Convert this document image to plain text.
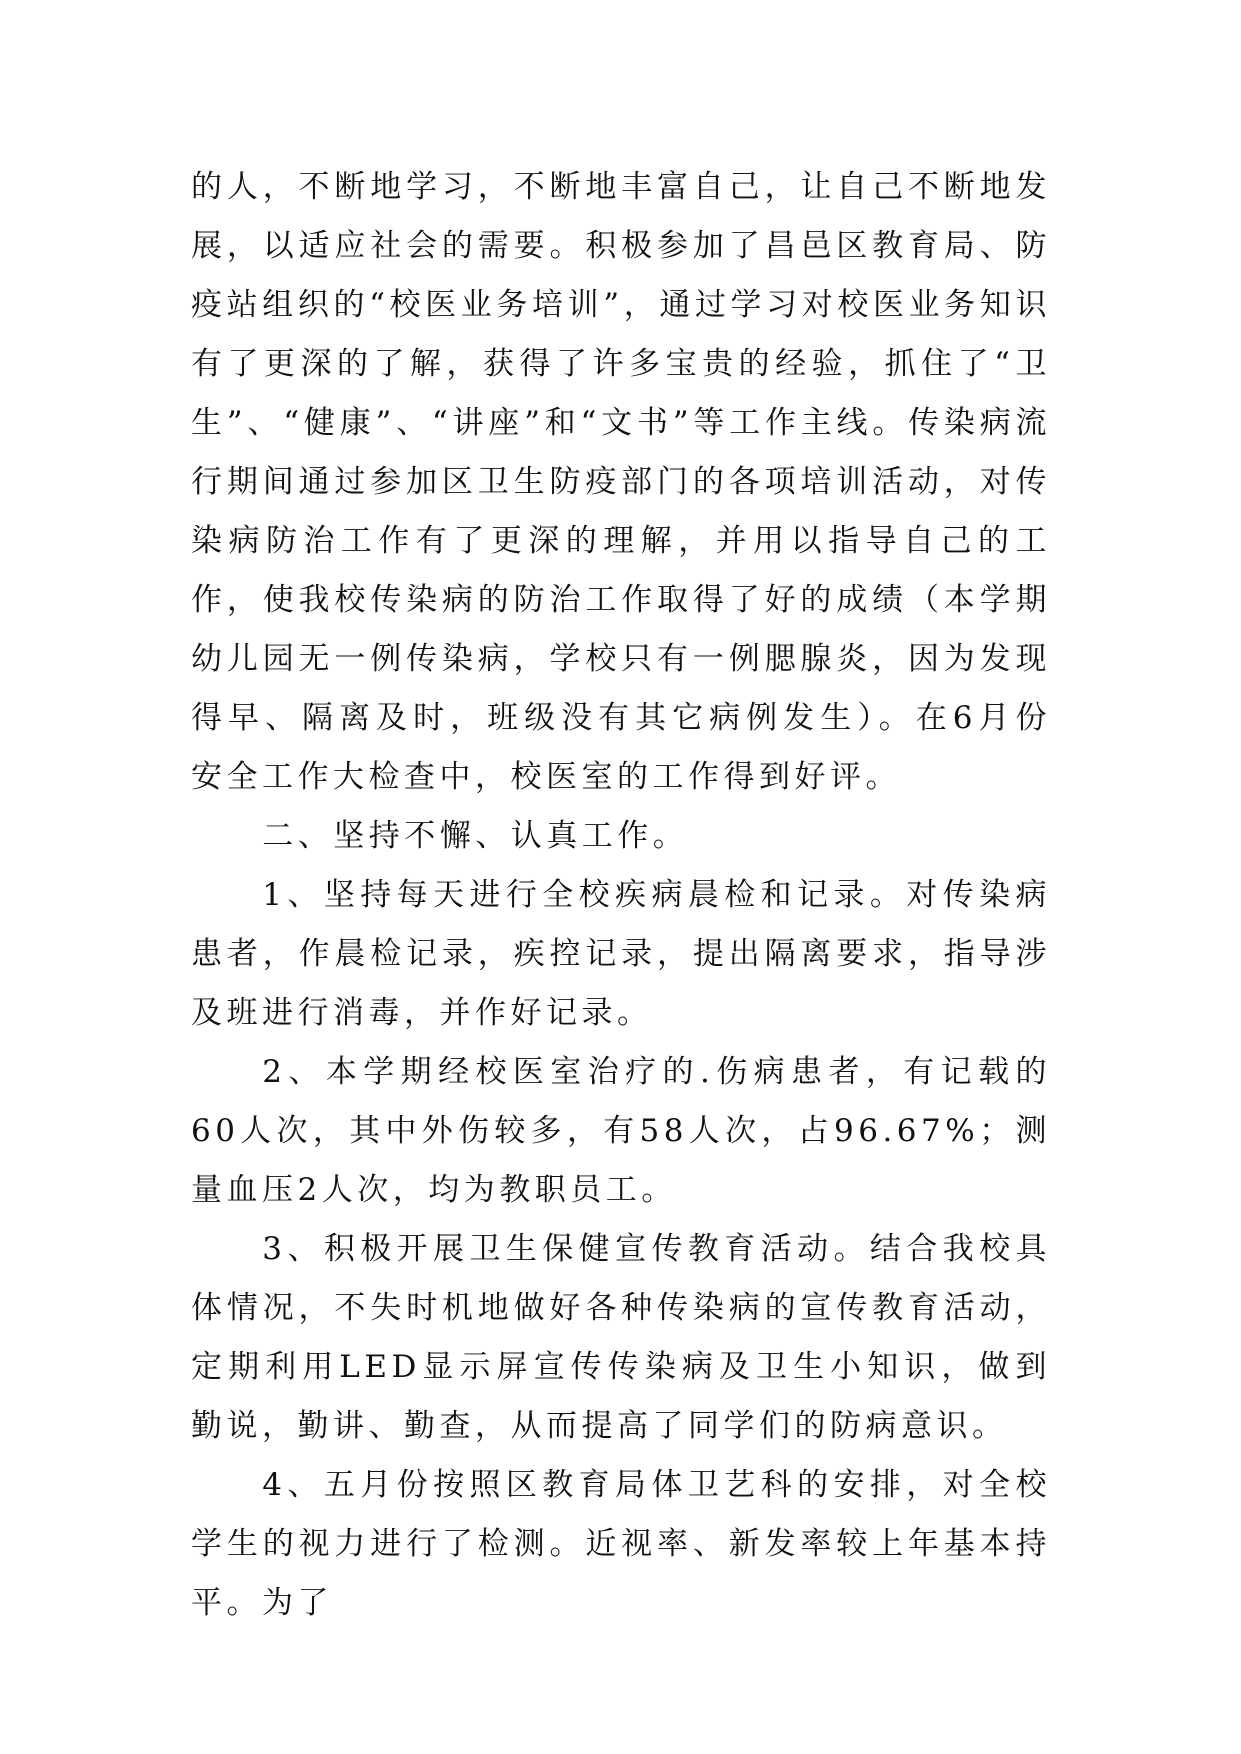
的人，不断地学习，不断地丰富自己，让自己不断地发展，以适应社会的需要。积极参加了昌邑区教育局、防疫站组织的“校医业务培训”，通过学习对校医业务知识有了更深的了解，获得了许多宝贵的经验，抓住了“卫生”、“健康”、“讲座”和“文书”等工作主线。传染病流行期间通过参加区卫生防疫部门的各项培训活动，对传染病防治工作有了更深的理解，并用以指导自己的工作，使我校传染病的防治工作取得了好的成绩（本学期幼儿园无一例传染病，学校只有一例腮腺炎，因为发现得早、隔离及时，班级没有其它病例发生）。在6月份安全工作大检查中，校医室的工作得到好评。

二、坚持不懈、认真工作。

1、坚持每天进行全校疾病晨检和记录。对传染病患者，作晨检记录，疾控记录，提出隔离要求，指导涉及班进行消毒，并作好记录。

2、本学期经校医室治疗的.伤病患者，有记载的60人次，其中外伤较多，有58人次，占96.67%；测量血压2人次，均为教职员工。

3、积极开展卫生保健宣传教育活动。结合我校具体情况，不失时机地做好各种传染病的宣传教育活动，定期利用LED显示屏宣传传染病及卫生小知识，做到勤说，勤讲、勤查，从而提高了同学们的防病意识。

4、五月份按照区教育局体卫艺科的安排，对全校学生的视力进行了检测。近视率、新发率较上年基本持平。为了
